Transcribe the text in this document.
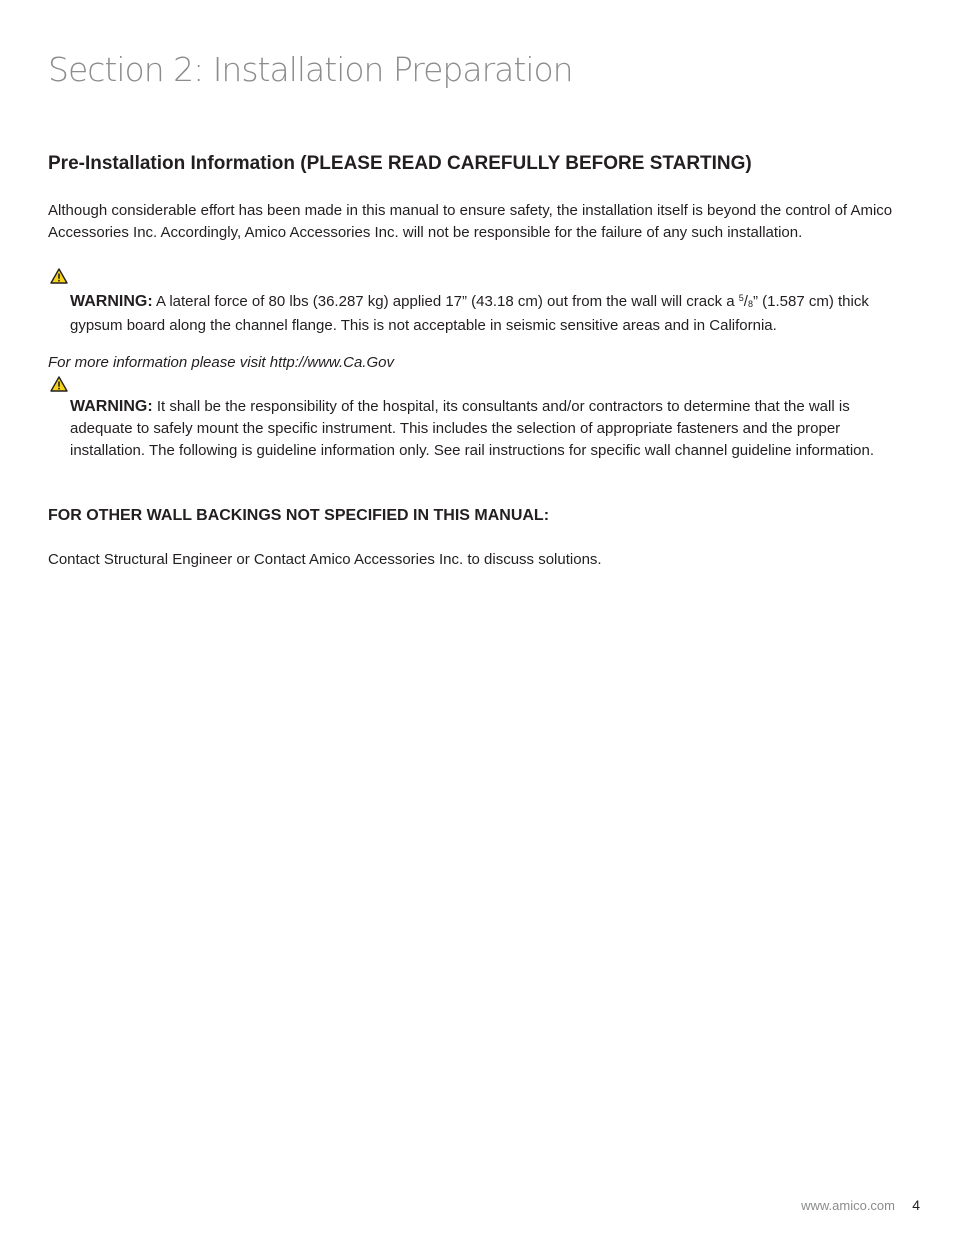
Section 2: Installation Preparation
Pre-Installation Information (PLEASE READ CAREFULLY BEFORE STARTING)

Although considerable effort has been made in this manual to ensure safety, the installation itself is beyond the control of Amico Accessories Inc. Accordingly, Amico Accessories Inc. will not be responsible for the failure of any such installation.

WARNING: A lateral force of 80 lbs (36.287 kg) applied 17” (43.18 cm) out from the wall will crack a $^5$/8” (1.587 cm) thick gypsum board along the channel flange. This is not acceptable in seismic sensitive areas and in California.

For more information please visit http://www.Ca.Gov

WARNING: It shall be the responsibility of the hospital, its consultants and/or contractors to determine that the wall is adequate to safely mount the specific instrument. This includes the selection of appropriate fasteners and the proper installation. The following is guideline information only. See rail instructions for specific wall channel guideline information.

FOR OTHER WALL BACKINGS NOT SPECIFIED IN THIS MANUAL:

Contact Structural Engineer or Contact Amico Accessories Inc. to discuss solutions.

www.amico.com 4
